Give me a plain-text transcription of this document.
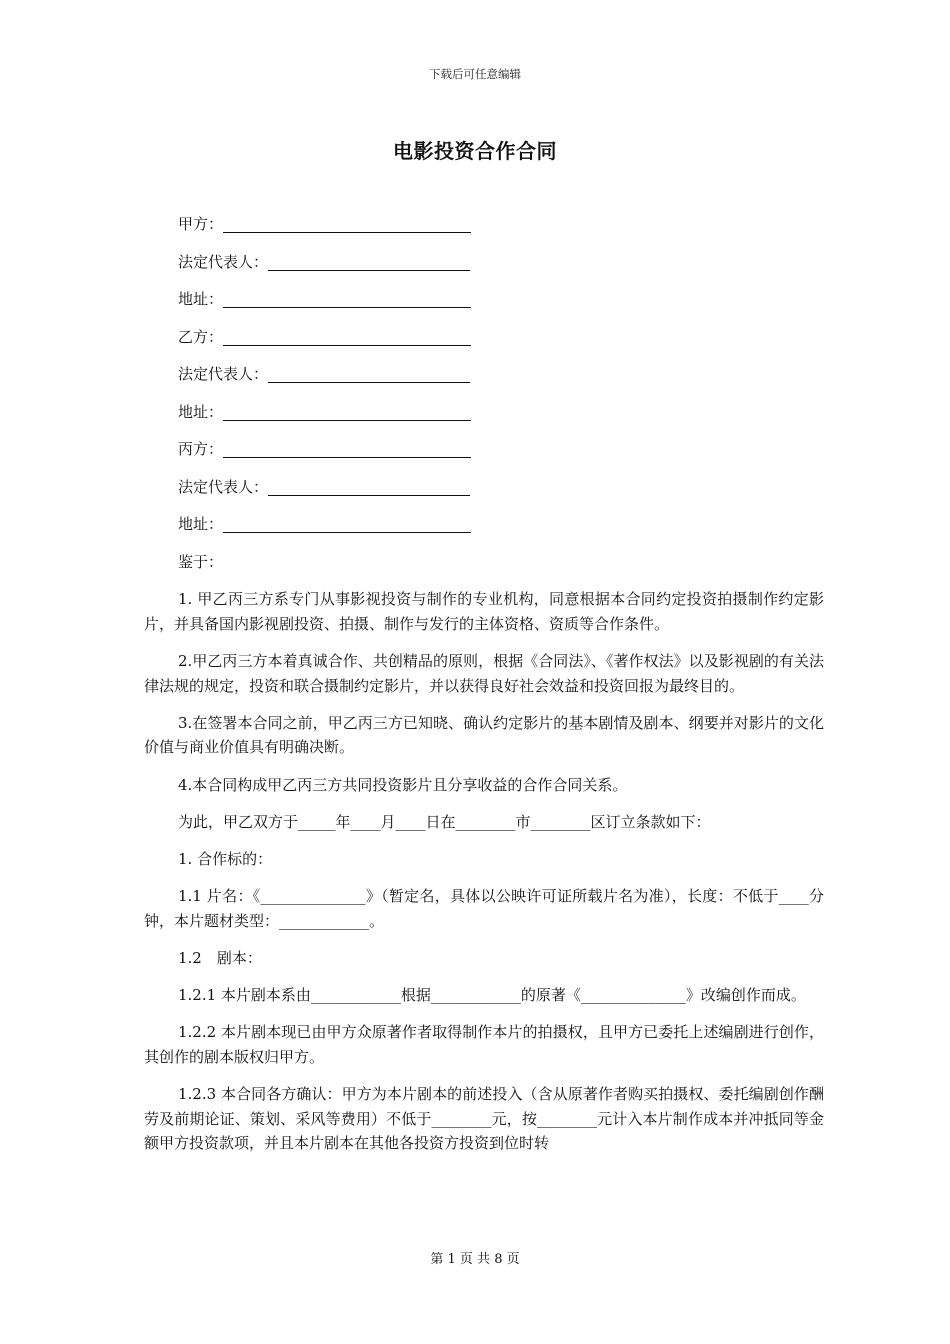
下载后可任意编辑
电影投资合作合同
甲方：
法定代表人：
地址：
乙方：
法定代表人：
地址：
丙方：
法定代表人：
地址：

鉴于：

1. 甲乙丙三方系专门从事影视投资与制作的专业机构，同意根据本合同约定投资拍摄制作约定影片，并具备国内影视剧投资、拍摄、制作与发行的主体资格、资质等合作条件。

2.甲乙丙三方本着真诚合作、共创精品的原则，根据《合同法》、《著作权法》以及影视剧的有关法律法规的规定，投资和联合摄制约定影片，并以获得良好社会效益和投资回报为最终目的。

3.在签署本合同之前，甲乙丙三方已知晓、确认约定影片的基本剧情及剧本、纲要并对影片的文化价值与商业价值具有明确决断。

4.本合同构成甲乙丙三方共同投资影片且分享收益的合作合同关系。

为此，甲乙双方于_____年____月____日在________市________区订立条款如下：

1. 合作标的：

1.1 片名：《______________》（暂定名，具体以公映许可证所载片名为准），长度：不低于____分钟，本片题材类型：____________。

1.2　剧本：

1.2.1 本片剧本系由____________根据____________的原著《______________》改编创作而成。

1.2.2 本片剧本现已由甲方众原著作者取得制作本片的拍摄权，且甲方已委托上述编剧进行创作，其创作的剧本版权归甲方。

1.2.3 本合同各方确认：甲方为本片剧本的前述投入（含从原著作者购买拍摄权、委托编剧创作酬劳及前期论证、策划、采风等费用）不低于________元，按________元计入本片制作成本并冲抵同等金额甲方投资款项，并且本片剧本在其他各投资方投资到位时转

第 1 页 共 8 页
